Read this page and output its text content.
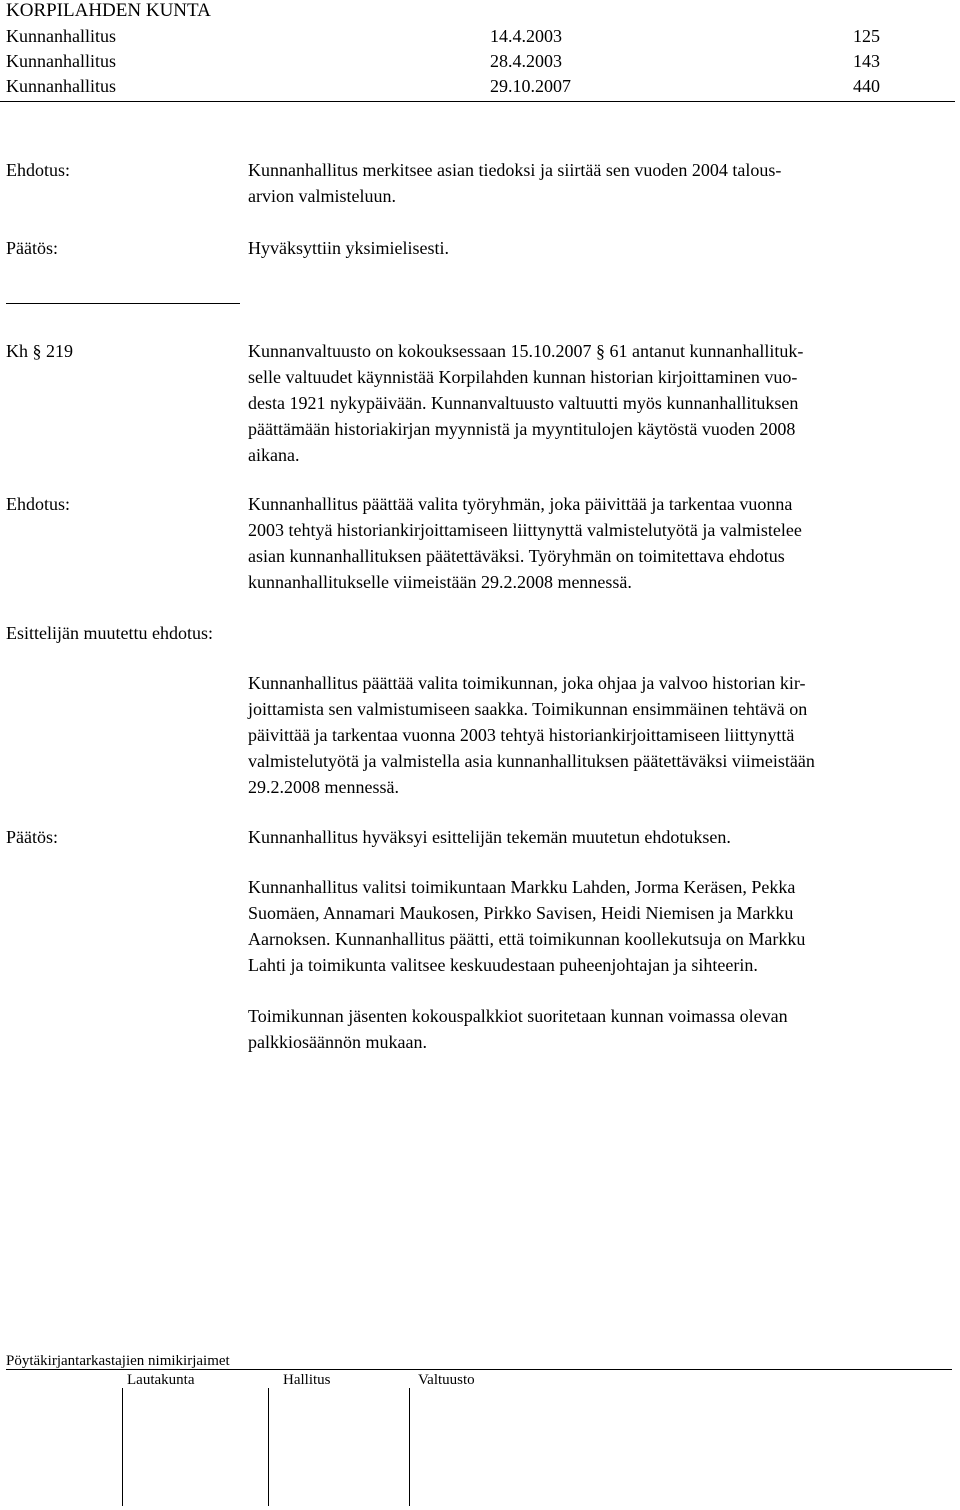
KORPILAHDEN KUNTA
Kunnanhallitus	14.4.2003	125
Kunnanhallitus	28.4.2003	143
Kunnanhallitus	29.10.2007	440
Ehdotus:	Kunnanhallitus merkitsee asian tiedoksi ja siirtää sen vuoden 2004 talous-
arvion valmisteluun.
Päätös:	Hyväksyttiin yksimielisesti.
Kh § 219	Kunnanvaltuusto on kokouksessaan 15.10.2007 § 61 antanut kunnanhallituk-
selle valtuudet käynnistää Korpilahden kunnan historian kirjoittaminen vuo-
desta 1921 nykypäivään. Kunnanvaltuusto valtuutti myös kunnanhallituksen
päättämään historiakirjan myynnistä ja myyntitulojen käytöstä vuoden 2008
aikana.
Ehdotus:	Kunnanhallitus päättää valita työryhmän, joka päivittää ja tarkentaa vuonna
2003 tehtyä historiankirjoittamiseen liittynyttä valmistelutyötä ja valmistelee
asian kunnanhallituksen päätettäväksi. Työryhmän on toimitettava ehdotus
kunnanhallitukselle viimeistään 29.2.2008 mennessä.
Esittelijän muutettu ehdotus:
Kunnanhallitus päättää valita toimikunnan, joka ohjaa ja valvoo historian kir-
joittamista sen valmistumiseen saakka. Toimikunnan ensimmäinen tehtävä on
päivittää ja tarkentaa vuonna 2003 tehtyä historiankirjoittamiseen liittynyttä
valmistelutyötä ja valmistella asia kunnanhallituksen päätettäväksi viimeistään
29.2.2008 mennessä.
Päätös:	Kunnanhallitus hyväksyi esittelijän tekemän muutetun ehdotuksen.
Kunnanhallitus valitsi toimikuntaan Markku Lahden, Jorma Keräsen, Pekka
Suomäen, Annamari Maukosen, Pirkko Savisen, Heidi Niemisen ja Markku
Aarnoksen. Kunnanhallitus päätti, että toimikunnan koollekutsuja on Markku
Lahti ja toimikunta valitsee keskuudestaan puheenjohtajan ja sihteerin.
Toimikunnan jäsenten kokouspalkkiot suoritetaan kunnan voimassa olevan
palkkiosäännön mukaan.
Pöytäkirjantarkastajien nimikirjaimet
Lautakunta	Hallitus	Valtuusto
